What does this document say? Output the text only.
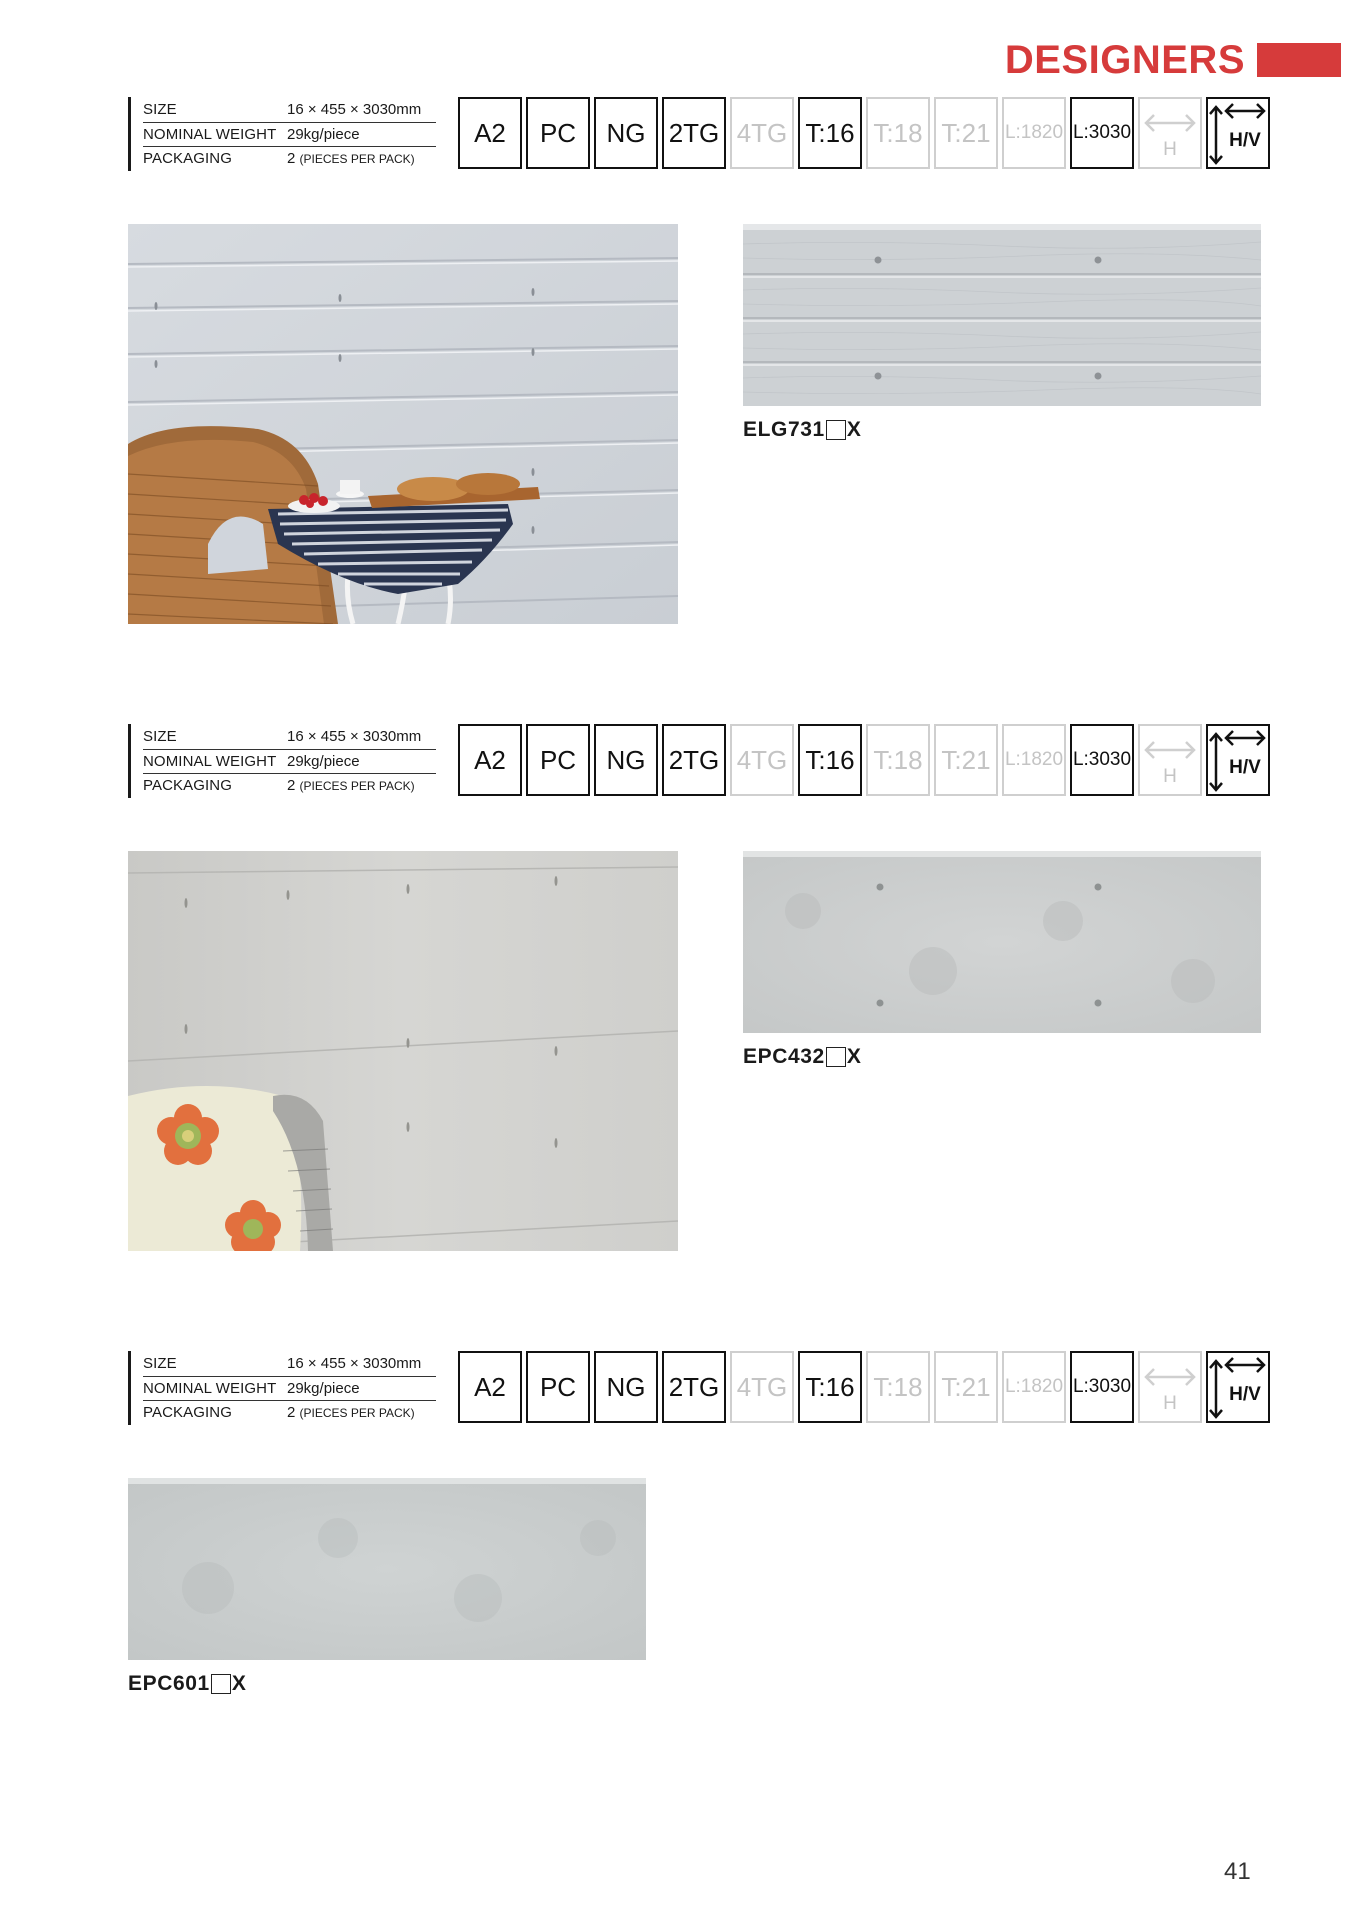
DESIGNERS
SIZE	16 × 455 × 3030mm
NOMINAL WEIGHT 29kg/piece
PACKAGING	2 (PIECES PER PACK)
A2	PC	NG 2TG 4TG T:16 T:18 T:21 L:1820 L:3030
H	H/V
ELG731 X
SIZE	16 × 455 × 3030mm
NOMINAL WEIGHT 29kg/piece
PACKAGING	2 (PIECES PER PACK)
A2	PC	NG 2TG 4TG T:16 T:18 T:21 L:1820 L:3030
H	H/V
EPC432 X
SIZE	16 × 455 × 3030mm
NOMINAL WEIGHT 29kg/piece
PACKAGING	2 (PIECES PER PACK)
A2	PC	NG 2TG 4TG T:16 T:18 T:21 L:1820 L:3030
H	H/V
EPC601 X
41
